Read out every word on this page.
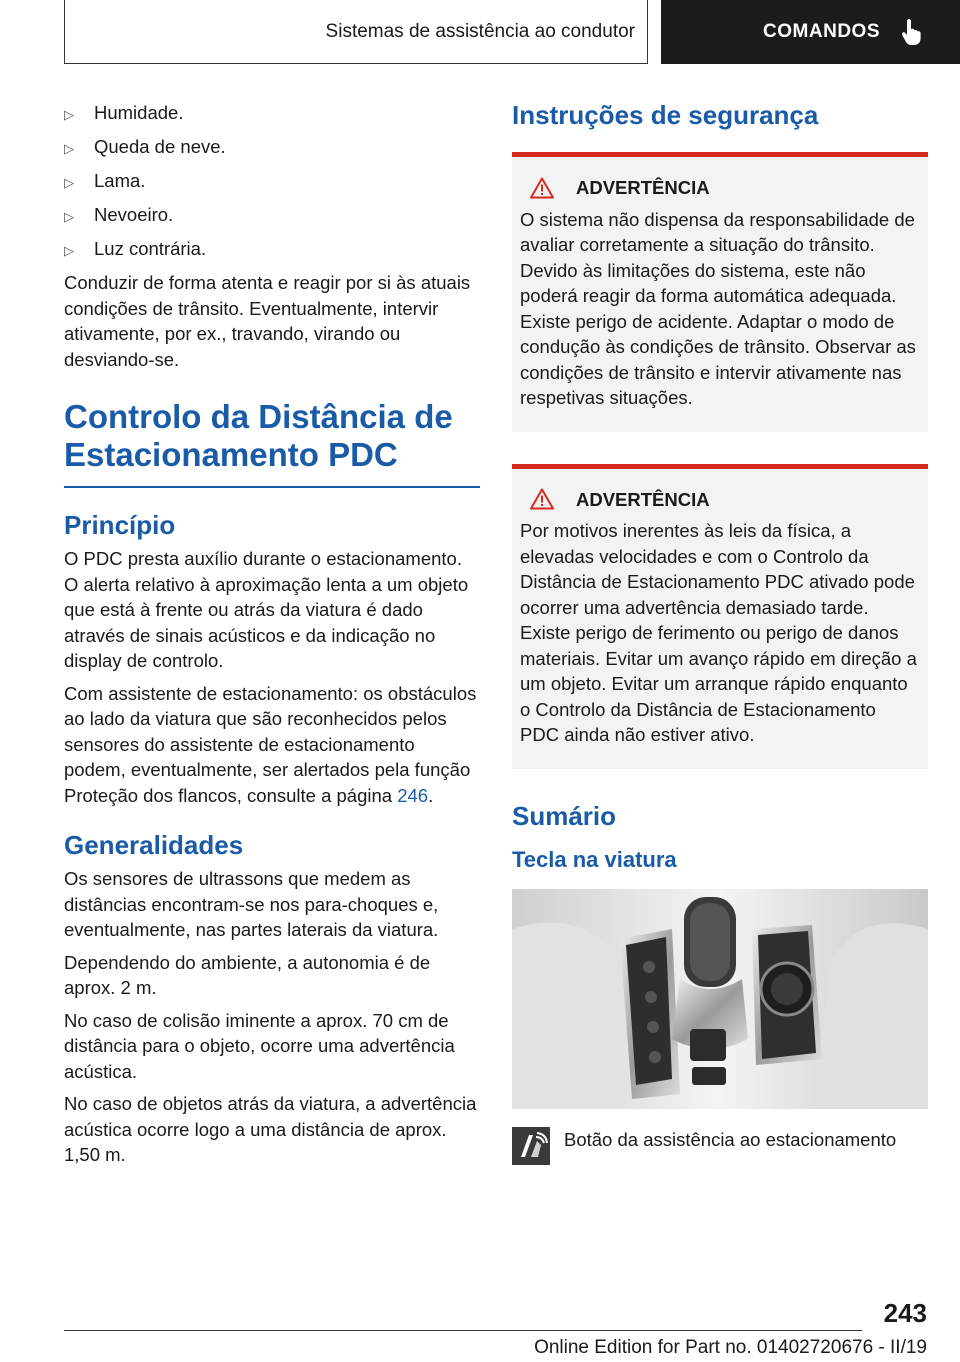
Sistemas de assistência ao condutor	COMANDOS
▷	Humidade.
▷	Queda de neve.
▷	Lama.
▷	Nevoeiro.
▷	Luz contrária.

Conduzir de forma atenta e reagir por si às atuais condições de trânsito. Eventualmente, intervir ativamente, por ex., travando, virando ou desviando-se.

Controlo da Distância de Estacionamento PDC
Princípio

O PDC presta auxílio durante o estacionamento. O alerta relativo à aproximação lenta a um objeto que está à frente ou atrás da viatura é dado através de sinais acústicos e da indicação no display de controlo.

Com assistente de estacionamento: os obstáculos ao lado da viatura que são reconhecidos pelos sensores do assistente de estacionamento podem, eventualmente, ser alertados pela função Proteção dos flancos, consulte a página 246.

Generalidades

Os sensores de ultrassons que medem as distâncias encontram-se nos para-choques e, eventualmente, nas partes laterais da viatura.

Dependendo do ambiente, a autonomia é de aprox. 2 m.

No caso de colisão iminente a aprox. 70 cm de distância para o objeto, ocorre uma advertência acústica.

No caso de objetos atrás da viatura, a advertência acústica ocorre logo a uma distância de aprox. 1,50 m.

Instruções de segurança
ADVERTÊNCIA

O sistema não dispensa da responsabilidade de avaliar corretamente a situação do trânsito. Devido às limitações do sistema, este não poderá reagir da forma automática adequada. Existe perigo de acidente. Adaptar o modo de condução às condições de trânsito. Observar as condições de trânsito e intervir ativamente nas respetivas situações.

ADVERTÊNCIA

Por motivos inerentes às leis da física, a elevadas velocidades e com o Controlo da Distância de Estacionamento PDC ativado pode ocorrer uma advertência demasiado tarde. Existe perigo de ferimento ou perigo de danos materiais. Evitar um avanço rápido em direção a um objeto. Evitar um arranque rápido enquanto o Controlo da Distância de Estacionamento PDC ainda não estiver ativo.

Sumário
Tecla na viatura
Botão da assistência ao estacionamento
243
Online Edition for Part no. 01402720676 - II/19
